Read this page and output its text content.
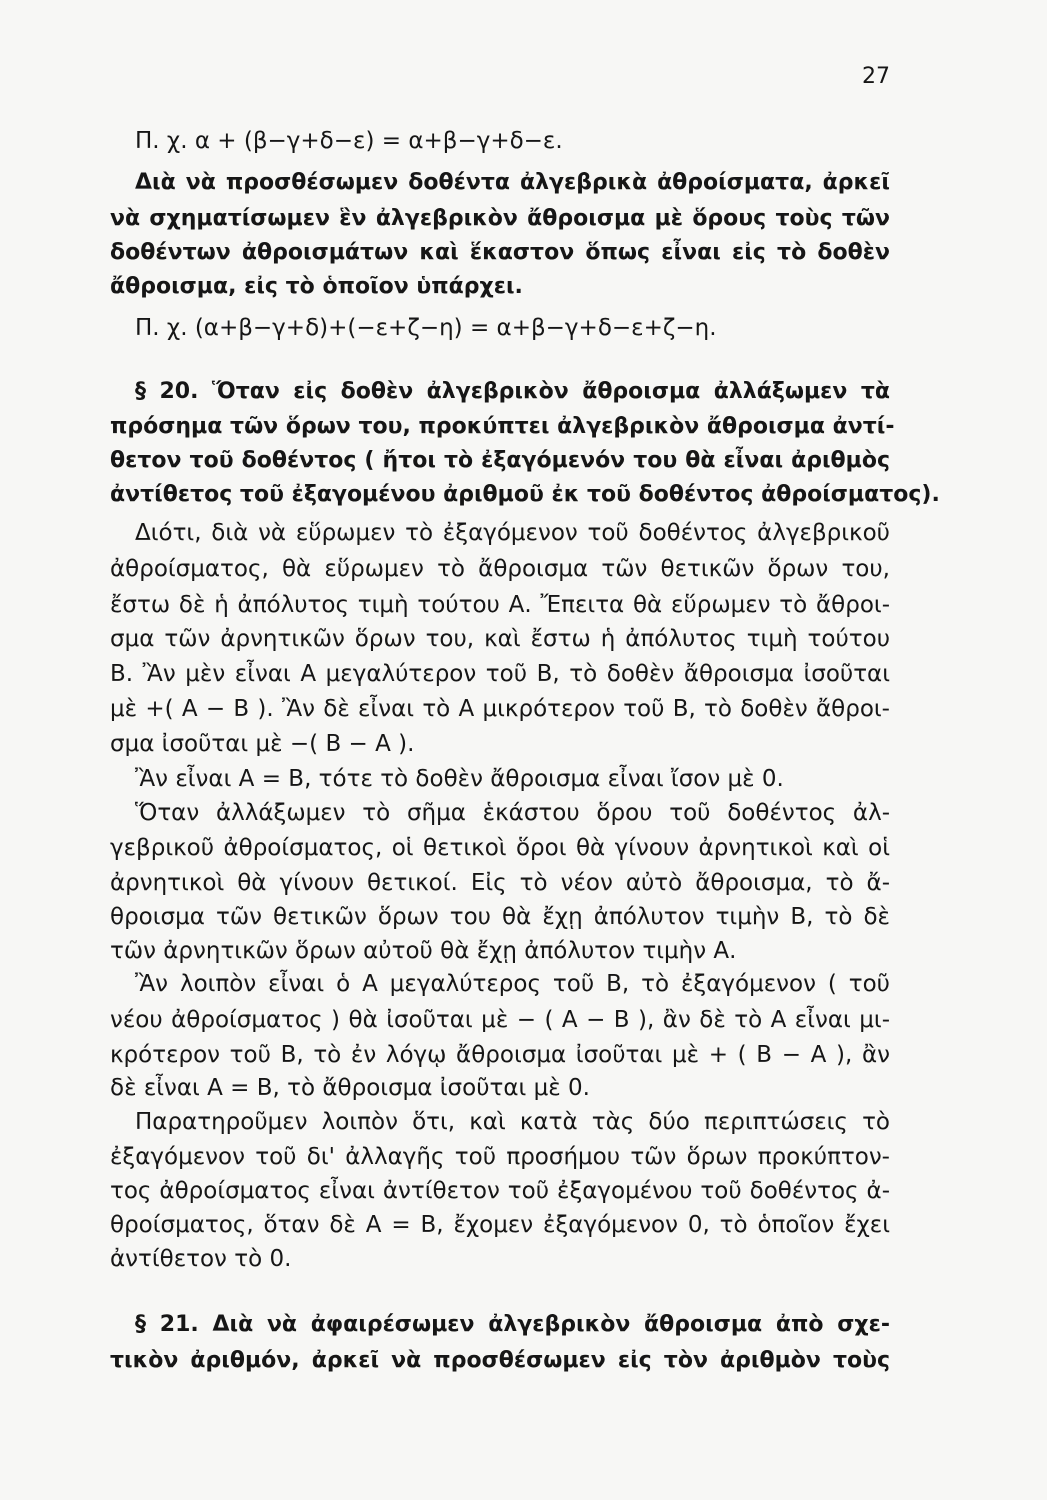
27
Π. χ. α + (β−γ+δ−ε) = α+β−γ+δ−ε.
Διὰ νὰ προσθέσωμεν δοθέντα ἀλγεβρικὰ ἀθροίσματα, ἀρκεῖ
νὰ σχηματίσωμεν ἓν ἀλγεβρικὸν ἄθροισμα μὲ ὅρους τοὺς τῶν
δοθέντων ἀθροισμάτων καὶ ἕκαστον ὅπως εἶναι εἰς τὸ δοθὲν
ἄθροισμα, εἰς τὸ ὁποῖον ὑπάρχει.
Π. χ. (α+β−γ+δ)+(−ε+ζ−η) = α+β−γ+δ−ε+ζ−η.
§ 20. Ὅταν εἰς δοθὲν ἀλγεβρικὸν ἄθροισμα ἀλλάξωμεν τὰ
πρόσημα τῶν ὅρων του, προκύπτει ἀλγεβρικὸν ἄθροισμα ἀντί-
θετον τοῦ δοθέντος ( ἤτοι τὸ ἐξαγόμενόν του θὰ εἶναι ἀριθμὸς
ἀντίθετος τοῦ ἐξαγομένου ἀριθμοῦ ἐκ τοῦ δοθέντος ἀθροίσματος).
Διότι, διὰ νὰ εὕρωμεν τὸ ἐξαγόμενον τοῦ δοθέντος ἀλγεβρικοῦ
ἀθροίσματος, θὰ εὕρωμεν τὸ ἄθροισμα τῶν θετικῶν ὅρων του,
ἔστω δὲ ἡ ἀπόλυτος τιμὴ τούτου Α. Ἔπειτα θὰ εὕρωμεν τὸ ἄθροι-
σμα τῶν ἀρνητικῶν ὅρων του, καὶ ἔστω ἡ ἀπόλυτος τιμὴ τούτου
Β. Ἂν μὲν εἶναι Α μεγαλύτερον τοῦ Β, τὸ δοθὲν ἄθροισμα ἰσοῦται
μὲ +( Α − Β ). Ἂν δὲ εἶναι τὸ Α μικρότερον τοῦ Β, τὸ δοθὲν ἄθροι-
σμα ἰσοῦται μὲ −( Β − Α ).
Ἂν εἶναι Α = Β, τότε τὸ δοθὲν ἄθροισμα εἶναι ἴσον μὲ 0.
Ὅταν ἀλλάξωμεν τὸ σῆμα ἑκάστου ὅρου τοῦ δοθέντος ἀλ-
γεβρικοῦ ἀθροίσματος, οἱ θετικοὶ ὅροι θὰ γίνουν ἀρνητικοὶ καὶ οἱ
ἀρνητικοὶ θὰ γίνουν θετικοί. Εἰς τὸ νέον αὐτὸ ἄθροισμα, τὸ ἄ-
θροισμα τῶν θετικῶν ὅρων του θὰ ἔχῃ ἀπόλυτον τιμὴν Β, τὸ δὲ
τῶν ἀρνητικῶν ὅρων αὐτοῦ θὰ ἔχῃ ἀπόλυτον τιμὴν Α.
Ἂν λοιπὸν εἶναι ὁ Α μεγαλύτερος τοῦ Β, τὸ ἐξαγόμενον ( τοῦ
νέου ἀθροίσματος ) θὰ ἰσοῦται μὲ − ( Α − Β ), ἂν δὲ τὸ Α εἶναι μι-
κρότερον τοῦ Β, τὸ ἐν λόγῳ ἄθροισμα ἰσοῦται μὲ + ( Β − Α ), ἂν
δὲ εἶναι Α = Β, τὸ ἄθροισμα ἰσοῦται μὲ 0.
Παρατηροῦμεν λοιπὸν ὅτι, καὶ κατὰ τὰς δύο περιπτώσεις τὸ
ἐξαγόμενον τοῦ δι' ἀλλαγῆς τοῦ προσήμου τῶν ὅρων προκύπτον-
τος ἀθροίσματος εἶναι ἀντίθετον τοῦ ἐξαγομένου τοῦ δοθέντος ἀ-
θροίσματος, ὅταν δὲ Α = Β, ἔχομεν ἐξαγόμενον 0, τὸ ὁποῖον ἔχει
ἀντίθετον τὸ 0.
§ 21. Διὰ νὰ ἀφαιρέσωμεν ἀλγεβρικὸν ἄθροισμα ἀπὸ σχε-
τικὸν ἀριθμόν, ἀρκεῖ νὰ προσθέσωμεν εἰς τὸν ἀριθμὸν τοὺς
